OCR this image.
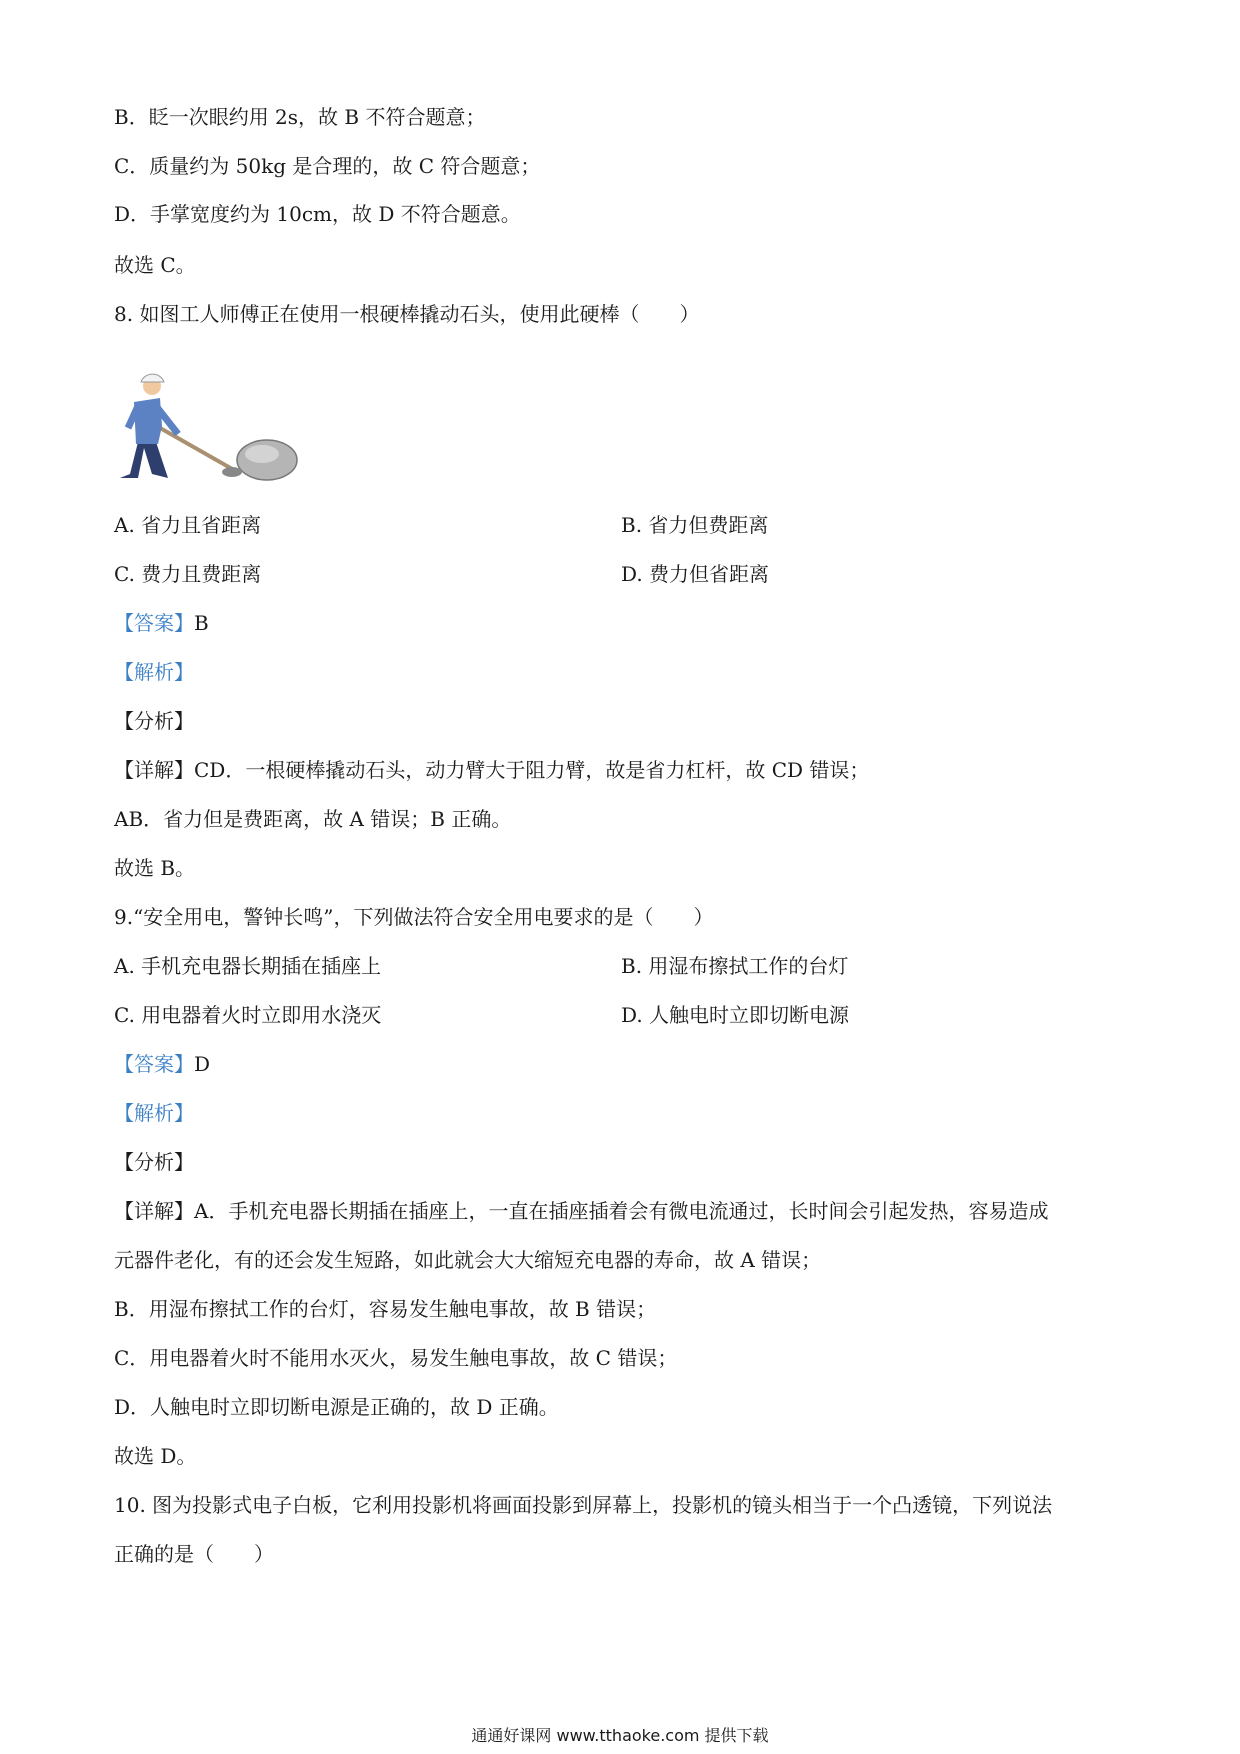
B．眨一次眼约用 2s，故 B 不符合题意；
C．质量约为 50kg 是合理的，故 C 符合题意；
D．手掌宽度约为 10cm，故 D 不符合题意。
故选 C。
8. 如图工人师傅正在使用一根硬棒撬动石头，使用此硬棒（　　）
A. 省力且省距离	B. 省力但费距离
C. 费力且费距离	D. 费力但省距离
【答案】B
【解析】
【分析】
【详解】CD．一根硬棒撬动石头，动力臂大于阻力臂，故是省力杠杆，故 CD 错误；
AB．省力但是费距离，故 A 错误；B 正确。
故选 B。
9.“安全用电，警钟长鸣”，下列做法符合安全用电要求的是（　　）
A. 手机充电器长期插在插座上	B. 用湿布擦拭工作的台灯
C. 用电器着火时立即用水浇灭	D. 人触电时立即切断电源
【答案】D
【解析】
【分析】
【详解】A．手机充电器长期插在插座上，一直在插座插着会有微电流通过，长时间会引起发热，容易造成
元器件老化，有的还会发生短路，如此就会大大缩短充电器的寿命，故 A 错误；
B．用湿布擦拭工作的台灯，容易发生触电事故，故 B 错误；
C．用电器着火时不能用水灭火，易发生触电事故，故 C 错误；
D．人触电时立即切断电源是正确的，故 D 正确。
故选 D。
10. 图为投影式电子白板，它利用投影机将画面投影到屏幕上，投影机的镜头相当于一个凸透镜，下列说法
正确的是（　　）
通通好课网 www.tthaoke.com 提供下载
